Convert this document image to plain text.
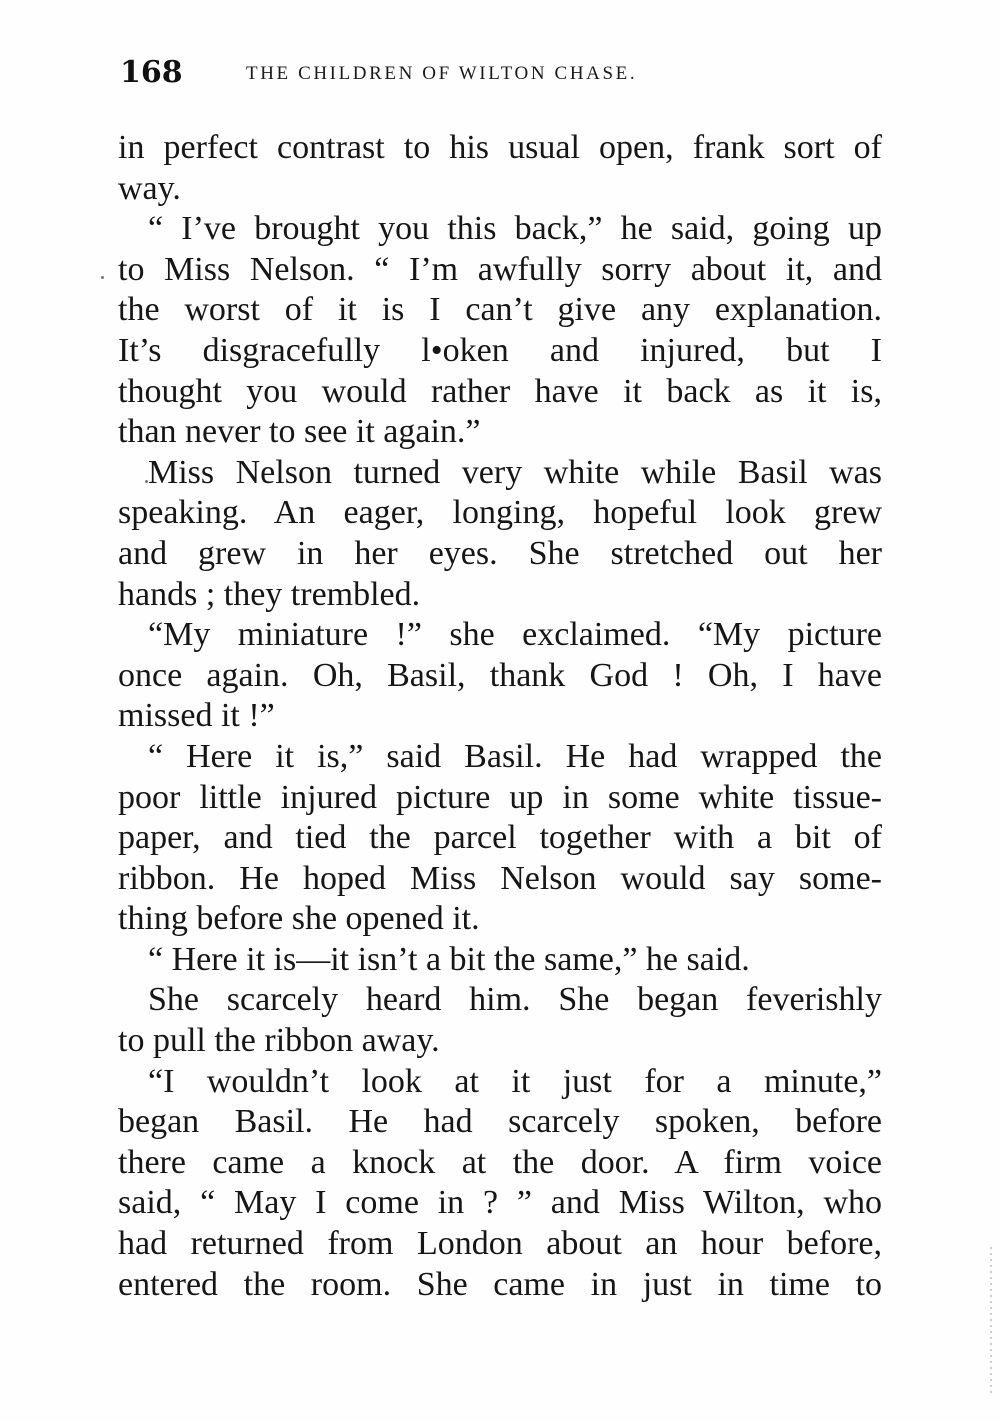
168	THE CHILDREN OF WILTON CHASE.
in perfect contrast to his usual open, frank sort of
way.
“ I’ve brought you this back,” he said, going up
to Miss Nelson. “ I’m awfully sorry about it, and
the worst of it is I can’t give any explanation.
It’s disgracefully l•oken and injured, but I
thought you would rather have it back as it is,
than never to see it again.”
Miss Nelson turned very white while Basil was
speaking. An eager, longing, hopeful look grew
and grew in her eyes. She stretched out her
hands ; they trembled.
“My miniature !” she exclaimed. “My picture
once again. Oh, Basil, thank God ! Oh, I have
missed it !”
“ Here it is,” said Basil. He had wrapped the
poor little injured picture up in some white tissue-
paper, and tied the parcel together with a bit of
ribbon. He hoped Miss Nelson would say some-
thing before she opened it.
“ Here it is—it isn’t a bit the same,” he said.
She scarcely heard him. She began feverishly
to pull the ribbon away.
“I wouldn’t look at it just for a minute,”
began Basil. He had scarcely spoken, before
there came a knock at the door. A firm voice
said, “ May I come in ? ” and Miss Wilton, who
had returned from London about an hour before,
entered the room. She came in just in time to
